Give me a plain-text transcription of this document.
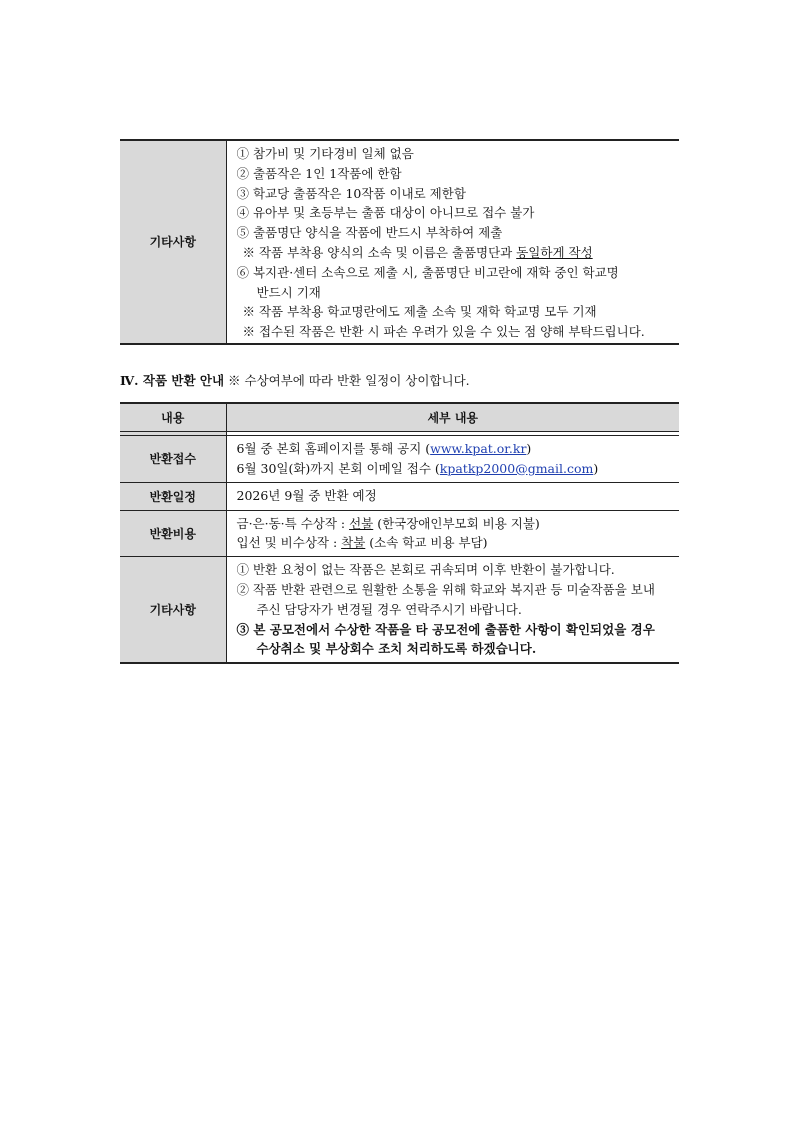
기타사항	
① 참가비 및 기타경비 일체 없음
② 출품작은 1인 1작품에 한함
③ 학교당 출품작은 10작품 이내로 제한함
④ 유아부 및 초등부는 출품 대상이 아니므로 접수 불가
⑤ 출품명단 양식을 작품에 반드시 부착하여 제출
※ 작품 부착용 양식의 소속 및 이름은 출품명단과 동일하게 작성
⑥ 복지관·센터 소속으로 제출 시, 출품명단 비고란에 재학 중인 학교명
반드시 기재
※ 작품 부착용 학교명란에도 제출 소속 및 재학 학교명 모두 기재
※ 접수된 작품은 반환 시 파손 우려가 있을 수 있는 점 양해 부탁드립니다.
Ⅳ. 작품 반환 안내 ※ 수상여부에 따라 반환 일정이 상이합니다.
내용	세부 내용

반환접수	6월 중 본회 홈페이지를 통해 공지 (www.kpat.or.kr)
6월 30일(화)까지 본회 이메일 접수 (kpatkp2000@gmail.com)

반환일정	2026년 9월 중 반환 예정
반환비용	금·은·동·특 수상작 : 선불 (한국장애인부모회 비용 지불)
입선 및 비수상작 : 착불 (소속 학교 비용 부담)

기타사항	① 반환 요청이 없는 작품은 본회로 귀속되며 이후 반환이 불가합니다.
② 작품 반환 관련으로 원활한 소통을 위해 학교와 복지관 등 미술작품을 보내
주신 담당자가 변경될 경우 연락주시기 바랍니다.
③ 본 공모전에서 수상한 작품을 타 공모전에 출품한 사항이 확인되었을 경우
수상취소 및 부상회수 조치 처리하도록 하겠습니다.
